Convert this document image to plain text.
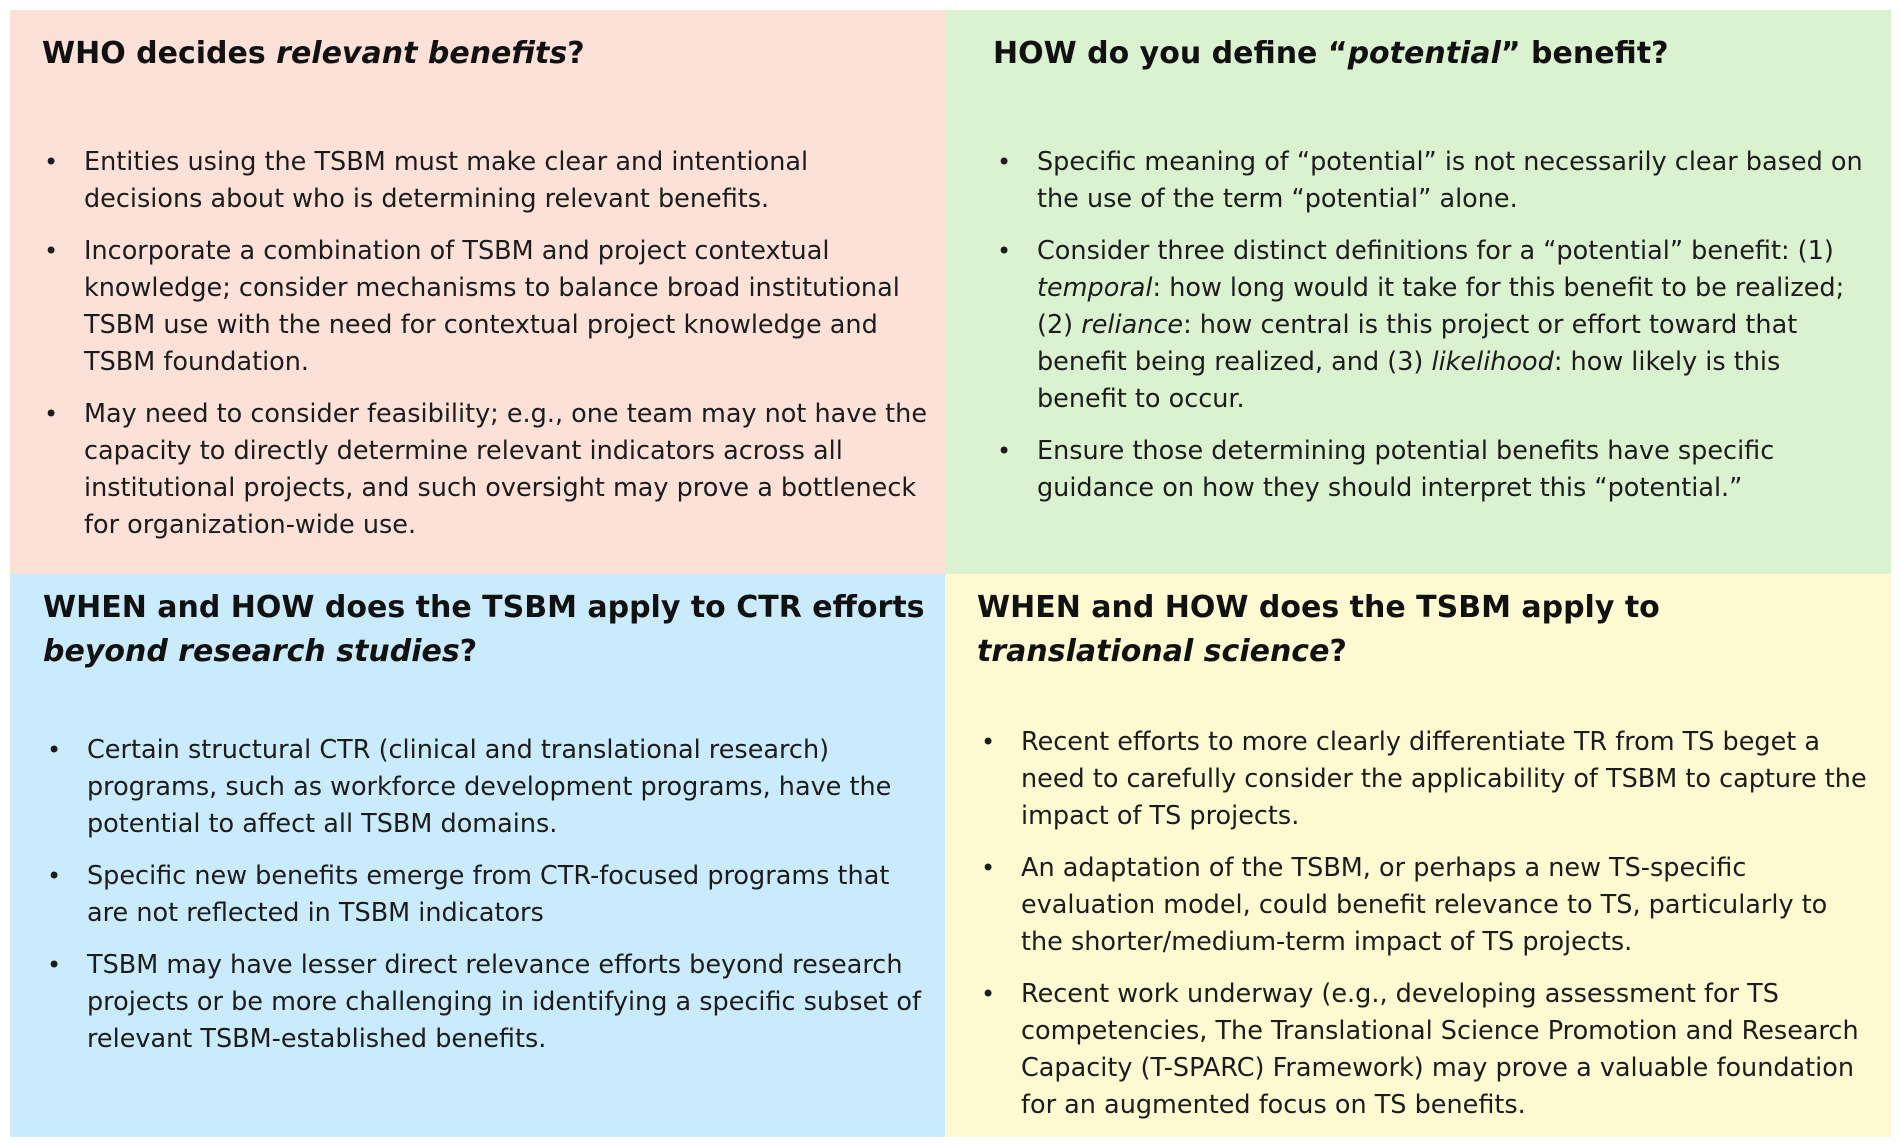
WHO decides relevant benefits?
• Entities using the TSBM must make clear and intentional decisions about who is determining relevant benefits.
• Incorporate a combination of TSBM and project contextual knowledge; consider mechanisms to balance broad institutional TSBM use with the need for contextual project knowledge and TSBM foundation.
• May need to consider feasibility; e.g., one team may not have the capacity to directly determine relevant indicators across all institutional projects, and such oversight may prove a bottleneck for organization-wide use.
HOW do you define “potential” benefit?
• Specific meaning of “potential” is not necessarily clear based on the use of the term “potential” alone.
• Consider three distinct definitions for a “potential” benefit: (1) temporal: how long would it take for this benefit to be realized; (2) reliance: how central is this project or effort toward that benefit being realized, and (3) likelihood: how likely is this benefit to occur.
• Ensure those determining potential benefits have specific guidance on how they should interpret this “potential.”
WHEN and HOW does the TSBM apply to CTR efforts beyond research studies?
• Certain structural CTR (clinical and translational research) programs, such as workforce development programs, have the potential to affect all TSBM domains.
• Specific new benefits emerge from CTR-focused programs that are not reflected in TSBM indicators
• TSBM may have lesser direct relevance efforts beyond research projects or be more challenging in identifying a specific subset of relevant TSBM-established benefits.
WHEN and HOW does the TSBM apply to translational science?
• Recent efforts to more clearly differentiate TR from TS beget a need to carefully consider the applicability of TSBM to capture the impact of TS projects.
• An adaptation of the TSBM, or perhaps a new TS-specific evaluation model, could benefit relevance to TS, particularly to the shorter/medium-term impact of TS projects.
• Recent work underway (e.g., developing assessment for TS competencies, The Translational Science Promotion and Research Capacity (T-SPARC) Framework) may prove a valuable foundation for an augmented focus on TS benefits.
